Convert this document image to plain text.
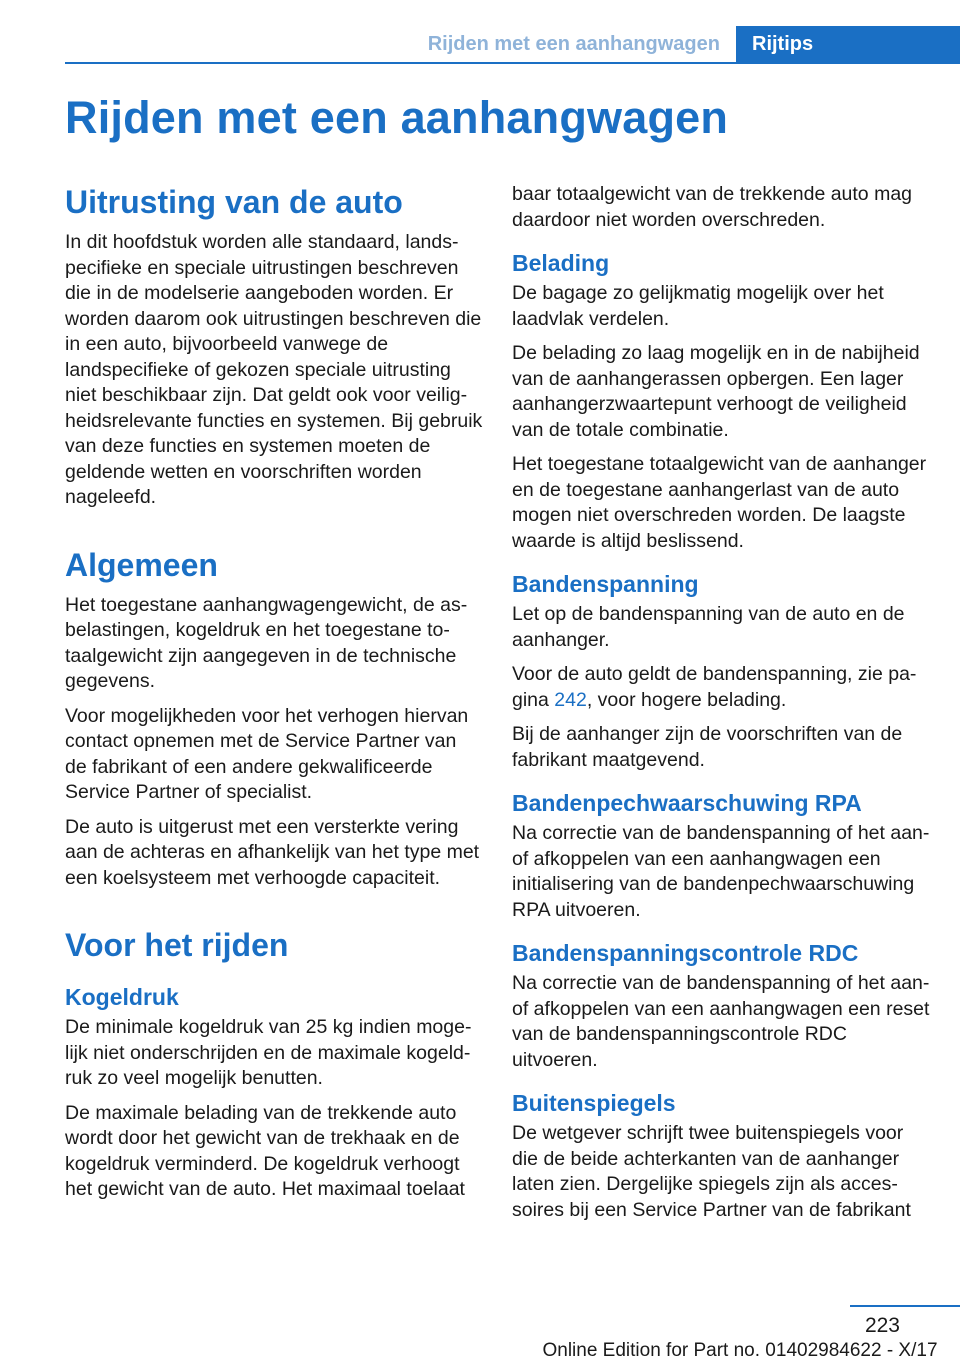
Rijden met een aanhangwagen	Rijtips
Rijden met een aanhangwagen
Uitrusting van de auto

In dit hoofdstuk worden alle standaard, landspecifieke en speciale uitrustingen beschreven die in de modelserie aangeboden worden. Er worden daarom ook uitrustingen beschreven die in een auto, bijvoorbeeld vanwege de landspecifieke of gekozen speciale uitrusting niet beschikbaar zijn. Dat geldt ook voor veiligheidsrelevante functies en systemen. Bij gebruik van deze functies en systemen moeten de geldende wetten en voorschriften worden nageleefd.

Algemeen

Het toegestane aanhangwagengewicht, de asbelastingen, kogeldruk en het toegestane totaalgewicht zijn aangegeven in de technische gegevens.

Voor mogelijkheden voor het verhogen hiervan contact opnemen met de Service Partner van de fabrikant of een andere gekwalificeerde Service Partner of specialist.

De auto is uitgerust met een versterkte vering aan de achteras en afhankelijk van het type met een koelsysteem met verhoogde capaciteit.

Voor het rijden
Kogeldruk

De minimale kogeldruk van 25 kg indien mogelijk niet onderschrijden en de maximale kogeldruk zo veel mogelijk benutten.

De maximale belading van de trekkende auto wordt door het gewicht van de trekhaak en de kogeldruk verminderd. De kogeldruk verhoogt het gewicht van de auto. Het maximaal toelaat

baar totaalgewicht van de trekkende auto mag daardoor niet worden overschreden.

Belading

De bagage zo gelijkmatig mogelijk over het laadvlak verdelen.

De belading zo laag mogelijk en in de nabijheid van de aanhangerassen opbergen. Een lager aanhangerzwaartepunt verhoogt de veiligheid van de totale combinatie.

Het toegestane totaalgewicht van de aanhanger en de toegestane aanhangerlast van de auto mogen niet overschreden worden. De laagste waarde is altijd beslissend.

Bandenspanning

Let op de bandenspanning van de auto en de aanhanger.

Voor de auto geldt de bandenspanning, zie pagina 242, voor hogere belading.

Bij de aanhanger zijn de voorschriften van de fabrikant maatgevend.

Bandenpechwaarschuwing RPA

Na correctie van de bandenspanning of het aan- of afkoppelen van een aanhangwagen een initialisering van de bandenpechwaarschuwing RPA uitvoeren.

Bandenspanningscontrole RDC

Na correctie van de bandenspanning of het aan- of afkoppelen van een aanhangwagen een reset van de bandenspanningscontrole RDC uitvoeren.

Buitenspiegels

De wetgever schrijft twee buitenspiegels voor die de beide achterkanten van de aanhanger laten zien. Dergelijke spiegels zijn als accessoires bij een Service Partner van de fabrikant

223
Online Edition for Part no. 01402984622 - X/17
